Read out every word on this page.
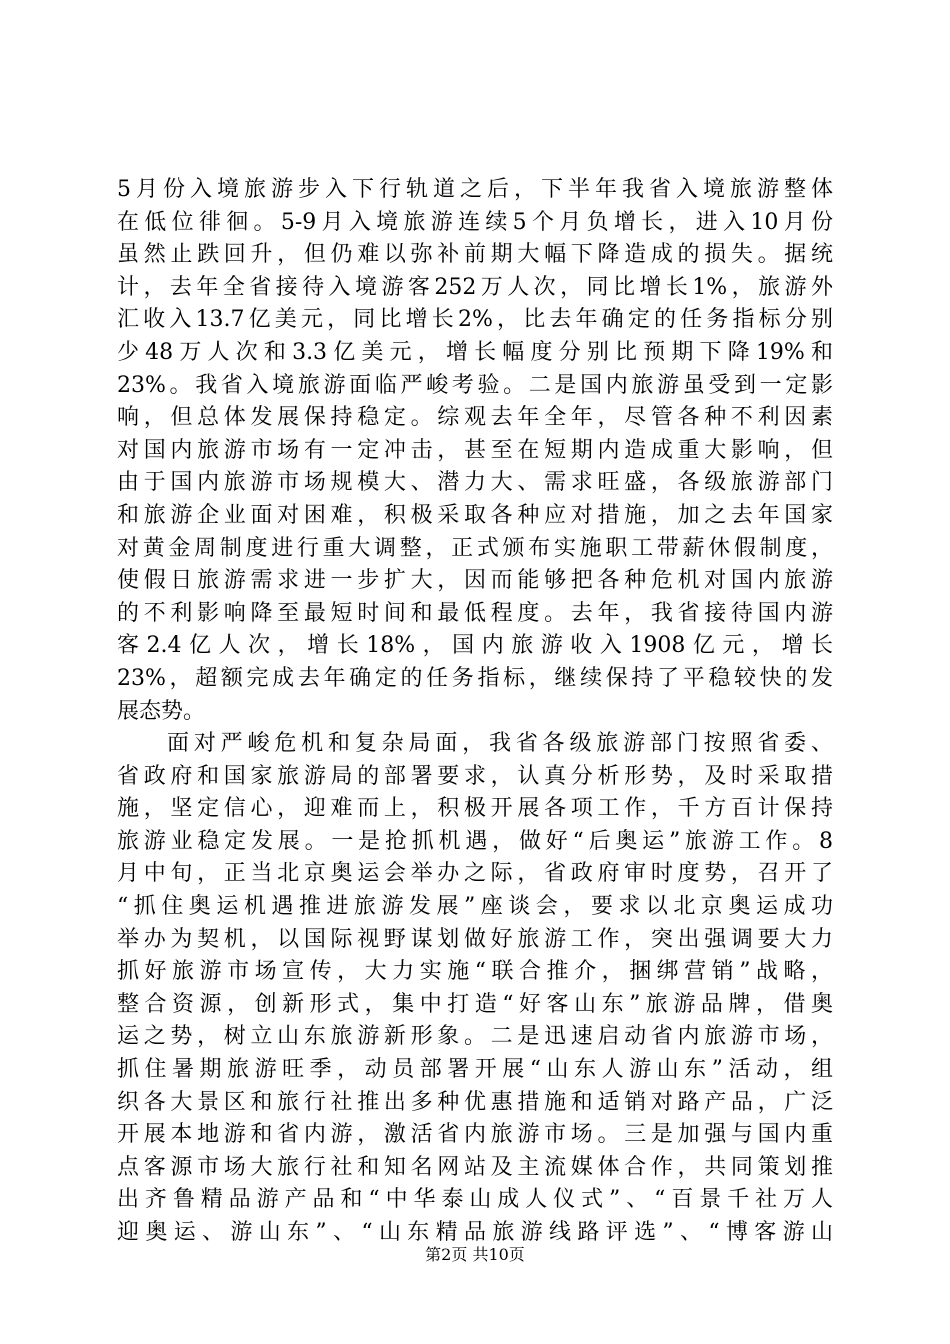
5月份入境旅游步入下行轨道之后，下半年我省入境旅游整体
在低位徘徊。5-9月入境旅游连续5个月负增长，进入10月份
虽然止跌回升，但仍难以弥补前期大幅下降造成的损失。据统
计，去年全省接待入境游客252万人次，同比增长1%，旅游外
汇收入13.7亿美元，同比增长2%，比去年确定的任务指标分别
少48万人次和3.3亿美元，增长幅度分别比预期下降19%和
23%。我省入境旅游面临严峻考验。二是国内旅游虽受到一定影
响，但总体发展保持稳定。综观去年全年，尽管各种不利因素
对国内旅游市场有一定冲击，甚至在短期内造成重大影响，但
由于国内旅游市场规模大、潜力大、需求旺盛，各级旅游部门
和旅游企业面对困难，积极采取各种应对措施，加之去年国家
对黄金周制度进行重大调整，正式颁布实施职工带薪休假制度，
使假日旅游需求进一步扩大，因而能够把各种危机对国内旅游
的不利影响降至最短时间和最低程度。去年，我省接待国内游
客2.4亿人次，增长18%，国内旅游收入1908亿元，增长
23%，超额完成去年确定的任务指标，继续保持了平稳较快的发
展态势。
面对严峻危机和复杂局面，我省各级旅游部门按照省委、
省政府和国家旅游局的部署要求，认真分析形势，及时采取措
施，坚定信心，迎难而上，积极开展各项工作，千方百计保持
旅游业稳定发展。一是抢抓机遇，做好“后奥运”旅游工作。8
月中旬，正当北京奥运会举办之际，省政府审时度势，召开了
“抓住奥运机遇推进旅游发展”座谈会，要求以北京奥运成功
举办为契机，以国际视野谋划做好旅游工作，突出强调要大力
抓好旅游市场宣传，大力实施“联合推介，捆绑营销”战略，
整合资源，创新形式，集中打造“好客山东”旅游品牌，借奥
运之势，树立山东旅游新形象。二是迅速启动省内旅游市场，
抓住暑期旅游旺季，动员部署开展“山东人游山东”活动，组
织各大景区和旅行社推出多种优惠措施和适销对路产品，广泛
开展本地游和省内游，激活省内旅游市场。三是加强与国内重
点客源市场大旅行社和知名网站及主流媒体合作，共同策划推
出齐鲁精品游产品和“中华泰山成人仪式”、“百景千社万人
迎奥运、游山东”、“山东精品旅游线路评选”、“博客游山
第2页 共10页
